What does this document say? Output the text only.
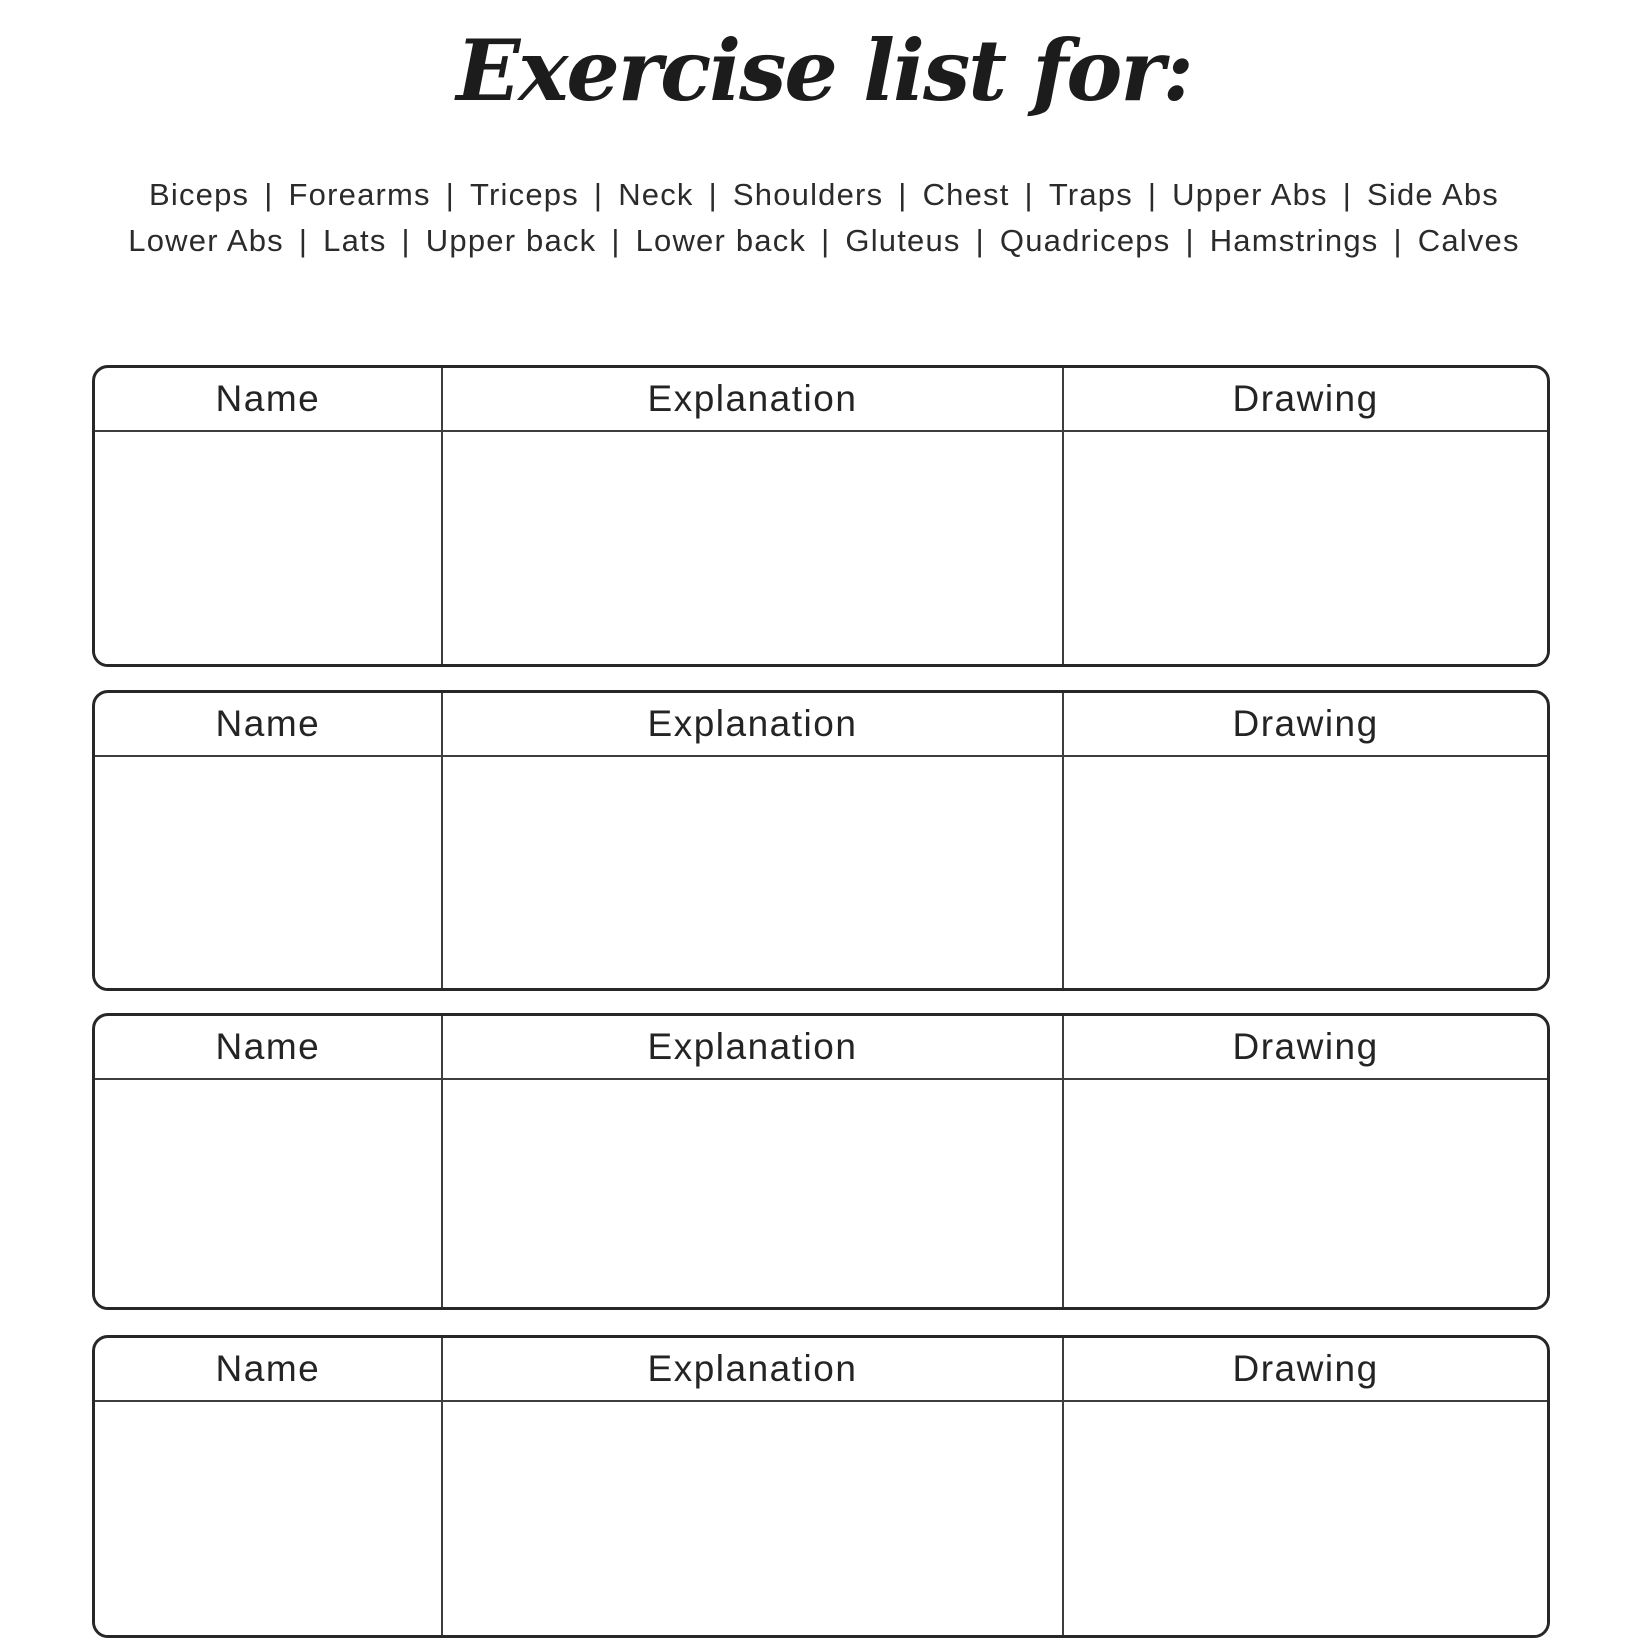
Exercise list for:
Biceps | Forearms | Triceps | Neck | Shoulders | Chest | Traps | Upper Abs | Side Abs
Lower Abs | Lats | Upper back | Lower back | Gluteus | Quadriceps | Hamstrings | Calves
Name	Explanation	Drawing
Name	Explanation	Drawing
Name	Explanation	Drawing
Name	Explanation	Drawing
